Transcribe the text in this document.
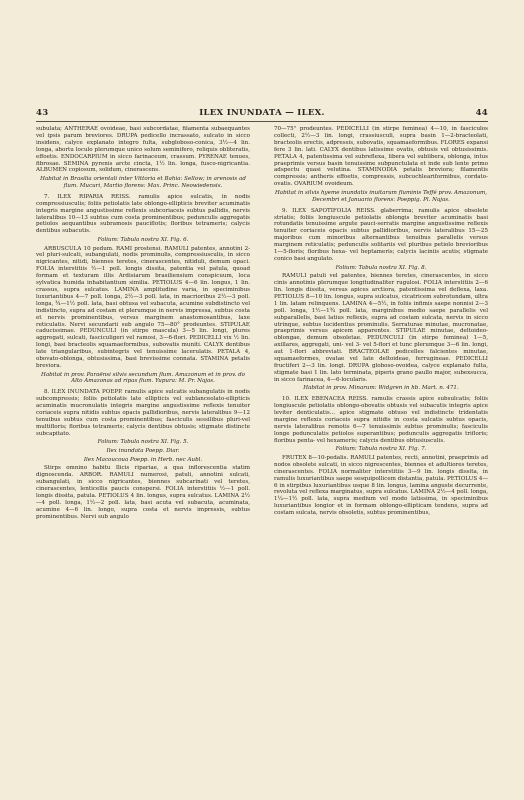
43	ILEX INUNDATA — ILEX.	44

subulata; ANTHERAE ovoideae, basi subcordatae, filamenta subaequantes vel ipsis parum breviores. DRUPA pedicello incrassato, sulcato in sicco insidens, calyce explanato integro fulta, subgloboso-conica, 3½—4 lin. longa, abortu loculo plerumque unico solum seminifero, reliquis obliteratis, effoetis. ENDOCARPIUM in sicco farinaceum, crassum. PYRENAE tenues, fibrosae. SEMINA pyrenis arcte cincta, 1½ lin. longa, fusco-nigricantia. ALBUMEN copiosum, solidum, cinerascens.

Habitat in Brasilia orientali inter Vittoria et Bahia: Sellow; in arenosis ad flum. Mucuri, Martio florens: Max. Princ. Neowiedensis.

7. ILEX RIPARIA REISS. ramulis apice sulcatis, in nodis compressiusculis; foliis petiolatis late oblongo-ellipticis breviter acuminatis integris margine angustissime reflexis subcoriaceis subtus pallidis, nervis lateralibus 10—13 subtus cum costa prominentibus; pedunculis aggregatis petiolos aequantibus subramosis pauciflotis; floribus tetrameris; calycis dentibus subacutis.

Folium: Tabula nostra XI. Fig. 6.

ARBUSCULA 10 pedum. RAMI prostensi. RAMULI patentes, annotini 2- vel pluri-sulcati, subangulati, nodis prominulis, compressiusculis, in sicco nigricantes, nitidi, biennes teretes, cinerascentes, nitiduli, demum opaci. FOLIA interstitiis ½—1 poll. longis dissita, patentia vel patula, quoad formam et texturam illis Ardisiarum brasiliensium conspicuum, loca sylvatica humida inhabitantium similia. PETIOLUS 4—6 lin. longus, 1 lin. crassus, supra sulcatus. LAMINA amplitudine varia, in speciminibus luxuriantibus 4—7 poll. longa, 2½—3 poll. lata, in macrioribus 2½—3 poll. longa, ¾—1½ poll. lata, basi obtusa vel subacuta, acumine subdistincto vel indistincto, supra ad costam et plerumque in nervis impressa, subtus costa et nervis prominentibus, versus marginem anastomosantibus, laxe reticulatis. Nervi secundarii sub angulo 75—80° prodeuntes. STIPULAE caducissimae. PEDUNCULI (in stirpe mascula) 3—5 lin. longi, plures aggregati, sulcati, fasciculigeri vel ramosi, 3—6-flori. PEDICELLI vix ½ lin. longi, basi bracteolis squamaeformibus, subovatis muniti. CALYX dentibus late triangularibus, subintegris vel tenuissime lacerulatis. PETALA 4, obovato-oblonga, obtusissima, basi brevissime connata. STAMINA petalis breviora.

Habitat in prov. Paraënsi silvis secundum flum. Amazonum et in prov. do Alto Amazonas ad ripas flum. Yupura: M. Pr. Najas.

8. ILEX INUNDATA POEPP. ramulis apice sulcatis subangulatis in nodis subcompressis; foliis petiolatis late ellipticis vel sublanceolato-ellipticis acuminatis mucronulatis integris margine angustissime reflexis tenuiter coriaceis supra nitidis subtus opacis pallidioribus, nervis lateralibus 9—12 tenuibus subtus cum costa prominentibus; fasciculis sessilibus pluri-vel multifloris; floribus tetrameris; calycis dentibus obtusis; stigmate distincte subcapitato.

Folium: Tabula nostra XI. Fig. 5.

Ilex inundata Poepp. Diar.

Ilex Macoucoua Poepp. in Herb. nec Aubl.

Stirps omnino habitu Ilicis ripariae, a qua inflorescentia statim dignoscenda. ARBOR. RAMULI numerosi, patuli, annotini sulcati, subangulati, in sicco nigricantes, biennes subcarinati vel teretes, cinerascentes, lenticellis paucis conspersi. FOLIA interstitiis ½—1 poll. longis dissita, patula. PETIOLUS 4 lin. longus, supra sulcatus. LAMINA 2½—4 poll. longa, 1½—2 poll. lata, basi acuta vel subacuta, acuminata, acumine 4—6 lin. longo, supra costa et nervis impressis, subtus prominentibus. Nervi sub angulo

70—75° prodeuntes. PEDICELLI (in stirpe feminea) 4—10, in fasciculos collecti, 2½—3 lin. longi, crassiusculi, supra basin 1—2-bracteolati, bracteolis erectis, adpressis, subovatis, squamaeformibus. FLORES expansi fere 3 lin. lati. CALYX dentibus latissime ovatis, obtusis vel obtusissimis. PETALA 4, patentissima vel subreflexa, libera vel subliberа, oblonga, intus praeprimis versus basin tenuissime subpunctulata et inde sub lente primo adspectu quasi velutina. STAMINODIA petalis breviora; filamentis compressis; antheris effoetis, compressis, subcochleariformibus, cordato-ovatis. OVARIUM ovoideum.

Habitat in silvis hyeme inundatis inuitarum fluminis Teffé prov. Amazonum, Decembri et Januario florens: Poeppig. Pl. Najas.

9. ILEX SAPOTIFOLIA REISS. glaberrima; ramulis apice obsolete striatis; foliis longiuscule petiolatis oblongis breviter acuminatis basi rotundatis tenuissime argute pauci-serratis margine angustissime reflexis tenuiter coriaceis opacis subtus pallidioribus, nervis lateralibus 15—25 majoribus cum minoribus alternantibus tenuibus parallelis versus marginem reticulatis; pedunculis solitariis vel pluribus petiolo brevioribus 1—5-floris; floribus hexa- vel heptameris; calycis laciniis acutis; stigmate conico basi angulato.

Folium: Tabula nostra XI. Fig. 8.

RAMULI patuli vel patentes, biennes teretes, cinerascentes, in sicco cinis annotinis plerumque longitudinaliter rugulosi. FOLIA interstitiis 2—6 lin. longis dissita, versus apices arctiora, patentissima vel deflexa, laxa. PETIOLUS 8—10 lin. longus, supra sulcatus, cicatricem subrotundam, ultra 1 lin. latam relinquens. LAMINA 4—5½, in foliis infimis saepe nonnisi 2—3 poll. longa, 1½—1¾ poll. lata, marginibus medio saepe parallelis vel subparallelis, basi latius reflexis, supra ad costam sulcata, nervis in sicco utrinque, subtus lucidentius prominulis. Serraturae minutae, mucronatae, praeprimis versus apicem apparentes. STIPULAE minutae, deltoideo-oblongae, demum obsoletae. PEDUNCULI (in stirpe feminea) 1—5, axillares, aggregati, uni- vel 3- vel 5-flori et tunc plerumque 3—6 lin. longi, aut 1-flori abbreviati. BRACTEOLAE pedicelles falcientes minutae, squamaeformes, ovatae vel late deltoideae, ferrugineae. PEDICELLI fructiferi 2—3 lin. longi. DRUPA globoso-ovoidea, calyce explanato fulta, stigmate basi 1 lin. lato terminata, piperis grano paullo major, subexsucca, in sicco farinacea, 4—6-locularis.

Habitat in prov. Minarum: Widgren in hb. Mart. n. 471.

10. ILEX EBENACEA REISS. ramulis crassis apice subsulcatis; foliis longiuscule petiolatis oblongo-obovatis obtusis vel subacutis integris apice leviter denticulatis... apice stigmate obtuso vel indistincte tridentatis margine reflexis coriaceis supra nitidis in costa sulcatis subtus opacis, nervis lateralibus remotis 6—7 tenuissimis subtus prominulis; fasciculis longe pedunculatis petiolos superantibus; pedunculis aggregatis trifloris; floribus penta- vel hexameris; calycis dentibus obtusiusculis.

Folium: Tabula nostra XI. Fig. 7.

FRUTEX 8—10-pedalis. RAMULI patentes, recti, annotini, praeprimis ad nodos obsolete sulcati, in sicco nigrescentes, biennes et adultiores teretes, cinerascentes. FOLIA normaliter interstitiis 3—9 lin. longis dissita, in ramulis luxuriantibus saepe sesquipollicem distantia, patula. PETIOLUS 4—6 in stirpibus luxuriantibus usque 8 lin. longus, lamina anguste decurrente, revoluta vel reflexa marginatus, supra sulcatus. LAMINA 2½—4 poll. longa, 1¼—1½ poll. lata, supra medium vel modo latissima, in speciminibus luxuriantibus longior et in formam oblongo-ellipticam tendens, supra ad costam sulcata, nervis obsoletis, subtus prominentibus,
